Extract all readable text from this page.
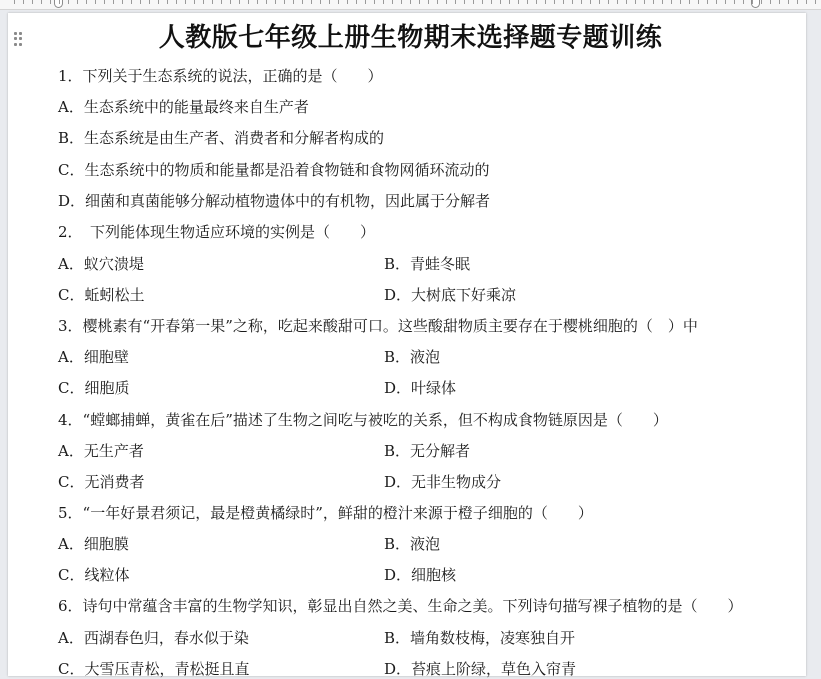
人教版七年级上册生物期末选择题专题训练
1．下列关于生态系统的说法，正确的是（　　）
A．生态系统中的能量最终来自生产者
B．生态系统是由生产者、消费者和分解者构成的
C．生态系统中的物质和能量都是沿着食物链和食物网循环流动的
D．细菌和真菌能够分解动植物遗体中的有机物，因此属于分解者
2．　下列能体现生物适应环境的实例是（　　）
A．蚁穴溃堤	B．青蛙冬眠
C．蚯蚓松土	D．大树底下好乘凉
3．樱桃素有“开春第一果”之称，吃起来酸甜可口。这些酸甜物质主要存在于樱桃细胞的（　）中
A．细胞壁	B．液泡
C．细胞质	D．叶绿体
4．“螳螂捕蝉，黄雀在后”描述了生物之间吃与被吃的关系，但不构成食物链原因是（　　）
A．无生产者	B．无分解者
C．无消费者	D．无非生物成分
5．“一年好景君须记，最是橙黄橘绿时”，鲜甜的橙汁来源于橙子细胞的（　　）
A．细胞膜	B．液泡
C．线粒体	D．细胞核
6．诗句中常蕴含丰富的生物学知识，彰显出自然之美、生命之美。下列诗句描写裸子植物的是（　　）
A．西湖春色归，春水似于染	B．墙角数枝梅，凌寒独自开
C．大雪压青松，青松挺且直	D．苔痕上阶绿，草色入帘青
